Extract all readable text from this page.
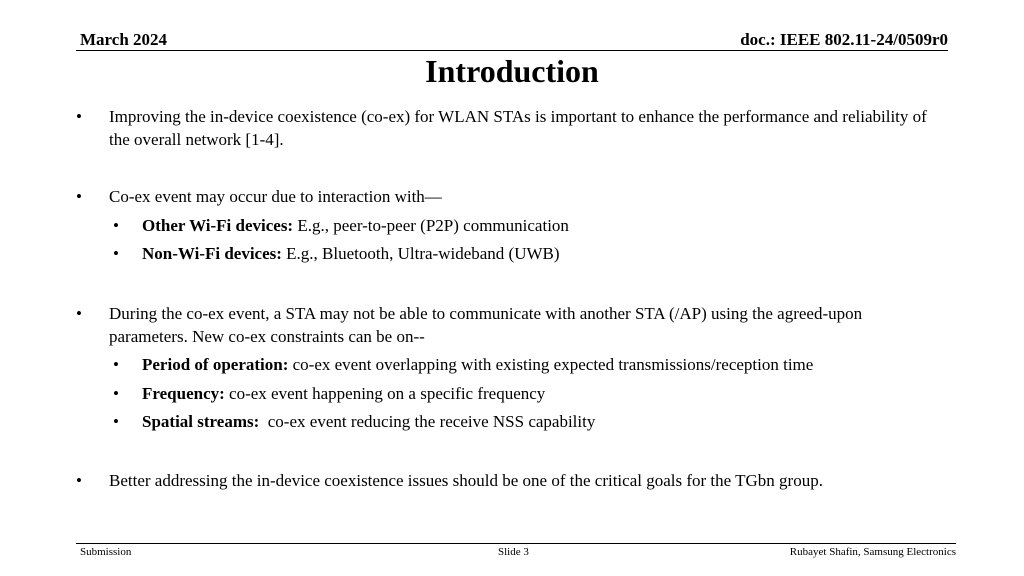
March 2024	doc.: IEEE 802.11-24/0509r0
Introduction
• Improving the in-device coexistence (co-ex) for WLAN STAs is important to enhance the performance and reliability of the overall network [1-4].
• Co-ex event may occur due to interaction with—
• Other Wi-Fi devices: E.g., peer-to-peer (P2P) communication
• Non-Wi-Fi devices: E.g., Bluetooth, Ultra-wideband (UWB)
• During the co-ex event, a STA may not be able to communicate with another STA (/AP) using the agreed-upon parameters. New co-ex constraints can be on--
• Period of operation: co-ex event overlapping with existing expected transmissions/reception time
• Frequency: co-ex event happening on a specific frequency
• Spatial streams:  co-ex event reducing the receive NSS capability
• Better addressing the in-device coexistence issues should be one of the critical goals for the TGbn group.
Submission	Slide 3	Rubayet Shafin, Samsung Electronics
